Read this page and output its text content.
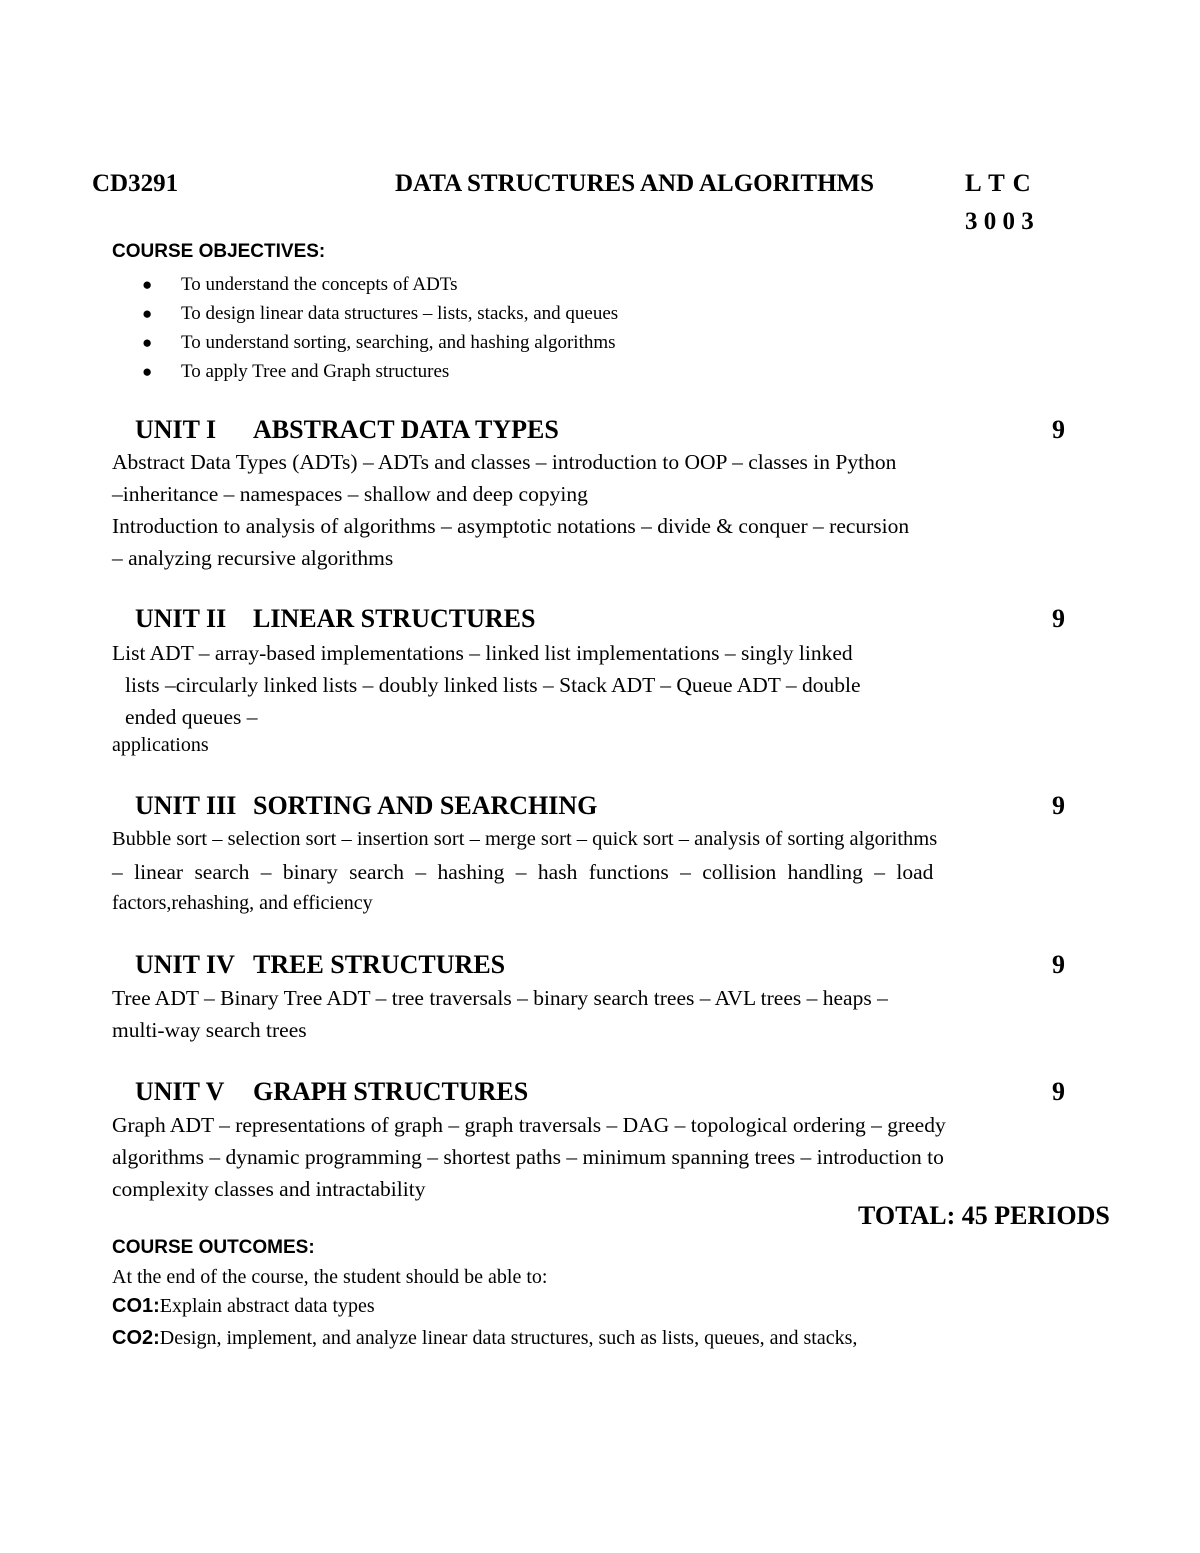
CD3291	DATA STRUCTURES AND ALGORITHMS	L T C
3 0 0 3
COURSE OBJECTIVES:
● To understand the concepts of ADTs
● To design linear data structures – lists, stacks, and queues
● To understand sorting, searching, and hashing algorithms
● To apply Tree and Graph structures
UNIT I ABSTRACT DATA TYPES	9
Abstract Data Types (ADTs) – ADTs and classes – introduction to OOP – classes in Python
–inheritance – namespaces – shallow and deep copying
Introduction to analysis of algorithms – asymptotic notations – divide & conquer – recursion
– analyzing recursive algorithms
UNIT II LINEAR STRUCTURES	9
List ADT – array-based implementations – linked list implementations – singly linked
lists –circularly linked lists – doubly linked lists – Stack ADT – Queue ADT – double
ended queues –
applications
UNIT III SORTING AND SEARCHING	9
Bubble sort – selection sort – insertion sort – merge sort – quick sort – analysis of sorting algorithms
– linear search – binary search – hashing – hash functions – collision handling – load
factors,rehashing, and efficiency
UNIT IV TREE STRUCTURES	9
Tree ADT – Binary Tree ADT – tree traversals – binary search trees – AVL trees – heaps –
multi-way search trees
UNIT V GRAPH STRUCTURES	9
Graph ADT – representations of graph – graph traversals – DAG – topological ordering – greedy
algorithms – dynamic programming – shortest paths – minimum spanning trees – introduction to
complexity classes and intractability
TOTAL: 45 PERIODS
COURSE OUTCOMES:
At the end of the course, the student should be able to:
CO1:Explain abstract data types
CO2:Design, implement, and analyze linear data structures, such as lists, queues, and stacks,
